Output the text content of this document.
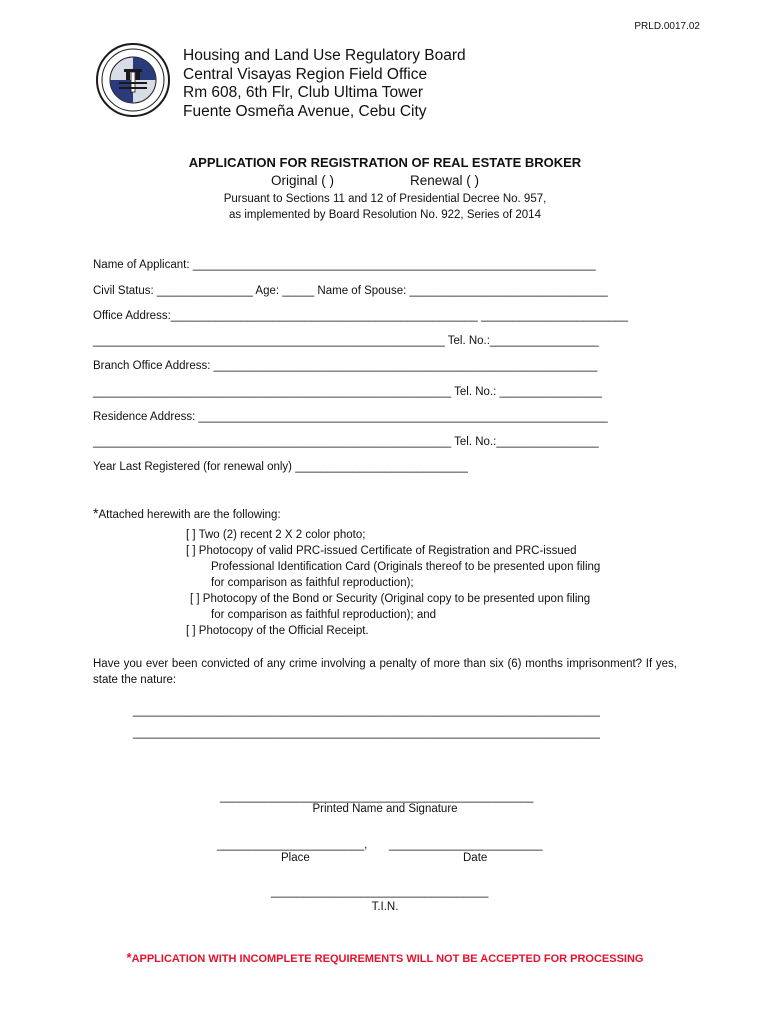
PRLD.0017.02
Housing and Land Use Regulatory Board
Central Visayas Region Field Office
Rm 608, 6th Flr, Club Ultima Tower
Fuente Osmeña Avenue, Cebu City
APPLICATION FOR REGISTRATION OF REAL ESTATE BROKER
Original ( )	Renewal ( )
Pursuant to Sections 11 and 12 of Presidential Decree No. 957,
as implemented by Board Resolution No. 922, Series of 2014
Name of Applicant: _______________________________________________________________
Civil Status: _______________ Age: _____ Name of Spouse: _______________________________
Office Address:________________________________________________ _______________________
_______________________________________________________ Tel. No.:_________________
Branch Office Address: ____________________________________________________________
________________________________________________________ Tel. No.: ________________
Residence Address: ________________________________________________________________
________________________________________________________ Tel. No.:________________
Year Last Registered (for renewal only) ___________________________
*Attached herewith are the following:
[ ] Two (2) recent 2 X 2 color photo;
[ ] Photocopy of valid PRC-issued Certificate of Registration and PRC-issued
Professional Identification Card (Originals thereof to be presented upon filing
for comparison as faithful reproduction);
[ ] Photocopy of the Bond or Security (Original copy to be presented upon filing
for comparison as faithful reproduction); and
[ ] Photocopy of the Official Receipt.
Have you ever been convicted of any crime involving a penalty of more than six (6) months imprisonment? If yes, state the nature:
_________________________________________________________________________
_________________________________________________________________________
_________________________________________________
Printed Name and Signature
_______________________, ________________________
Place	Date
__________________________________
T.I.N.
*APPLICATION WITH INCOMPLETE REQUIREMENTS WILL NOT BE ACCEPTED FOR PROCESSING
